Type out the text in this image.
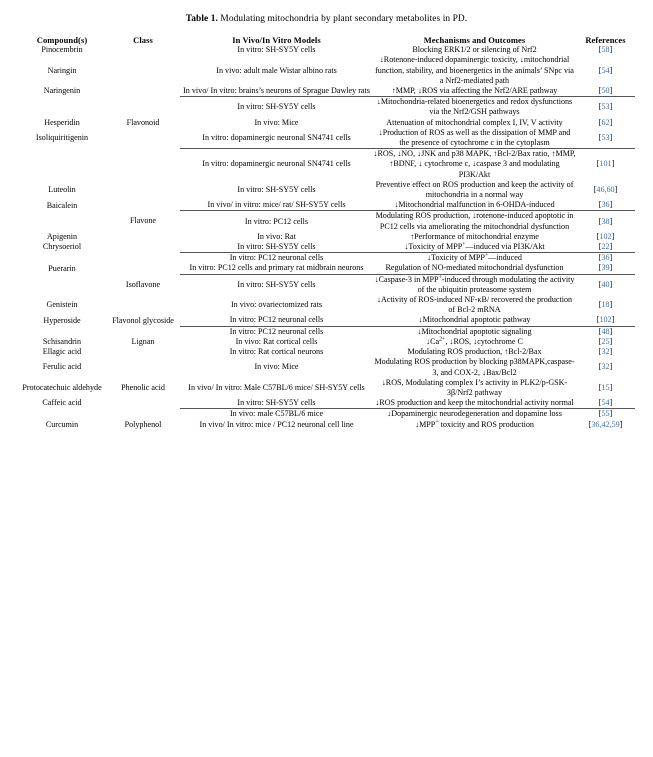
Table 1. Modulating mitochondria by plant secondary metabolites in PD.
Compound(s)	Class	In Vivo/In Vitro Models	Mechanisms and Outcomes	References
Pinocembrin		In vitro: SH-SY5Y cells	Blocking ERK1/2 or silencing of Nrf2	[58]
Naringin		In vivo: adult male Wistar albino rats	↓Rotenone-induced dopaminergic toxicity, ↓mitochondrial function, stability, and bioenergetics in the animals’ SNpc via a Nrf2-mediated path	[54]
Naringenin		In vivo/ In vitro: brains’s neurons of Sprague Dawley rats	↑MMP, ↓ROS via affecting the Nrf2/ARE pathway	[50]
		In vitro: SH-SY5Y cells	↓Mitochondria-related bioenergetics and redox dysfunctions via the Nrf2/GSH pathways	[53]
Hesperidin	Flavonoid	In vivo: Mice	Attenuation of mitochondrial complex I, IV, V activity	[62]
Isoliquiritigenin		In vitro: dopaminergic neuronal SN4741 cells	↓Production of ROS as well as the dissipation of MMP and the presence of cytochrome c in the cytoplasm	[53]
		In vitro: dopaminergic neuronal SN4741 cells	↓ROS, ↓NO, ↓JNK and p38 MAPK, ↑Bcl-2/Bax ratio, ↑MMP, ↑BDNF, ↓ cytochrome c, ↓caspase 3 and modulating PI3K/Akt	[101]
Luteolin		In vitro: SH-SY5Y cells	Preventive effect on ROS production and keep the activity of mitochondria in a normal way	[46,60]
Baicalein		In vivo/ in vitro: mice/ rat/ SH-SY5Y cells	↓Mitochondrial malfunction in 6-OHDA-induced	[36]
	Flavone	In vitro: PC12 cells	Modulating ROS production, ↓rotenone-induced apoptotic in PC12 cells via ameliorating the mitochondrial dysfunction	[38]
Apigenin		In vivo: Rat	↑Performance of mitochondrial enzyme	[102]
Chrysoeriol		In vitro: SH-SY5Y cells	↓Toxicity of MPP+—induced via PI3K/Akt	[22]
		In vitro: PC12 neuronal cells	↓Toxicity of MPP+—induced	[36]
Puerarin		In vitro: PC12 cells and primary rat midbrain neurons	Regulation of NO-mediated mitochondrial dysfunction	[39]
	Isoflavone	In vitro: SH-SY5Y cells	↓Caspase-3 in MPP+-induced through modulating the activity of the ubiquitin proteasome system	[40]
Genistein		In vivo: ovariectomized rats	↓Activity of ROS-induced NF-κB/ recovered the production of Bcl-2 mRNA	[18]
Hyperoside	Flavonol glycoside	In vitro: PC12 neuronal cells	↓Mitochondrial apoptotic pathway	[102]
		In vitro: PC12 neuronal cells	↓Mitochondrial apoptotic signaling	[48]
Schisandrin	Lignan	In vivo: Rat cortical cells	$↓Ca^{2+}$, ↓ROS, ↓cytochrome C	[25]
Ellagic acid		In vitro: Rat cortical neurons	Modulating ROS production, ↑Bcl-2/Bax	[32]
Ferulic acid		In vivo: Mice	Modulating ROS production by blocking p38MAPK,caspase-3, and COX-2, ↓Bax/Bcl2	[32]
Protocatechuic aldehyde	Phenolic acid	In vivo/ In vitro: Male C57BL/6 mice/ SH-SY5Y cells	↓ROS, Modulating complex I’s activity in PLK2/p-GSK-3β/Nrf2 pathway	[15]
Caffeic acid		In vitro: SH-SY5Y cells	↓ROS production and keep the mitochondrial activity normal	[54]
		In vivo: male C57BL/6 mice	↓Dopaminergic neurodegeneration and dopamine loss	[55]
Curcumin	Polyphenol	In vivo/ In vitro: mice / PC12 neuronal cell line	↓MPP+ toxicity and ROS production	[36,42,59]
